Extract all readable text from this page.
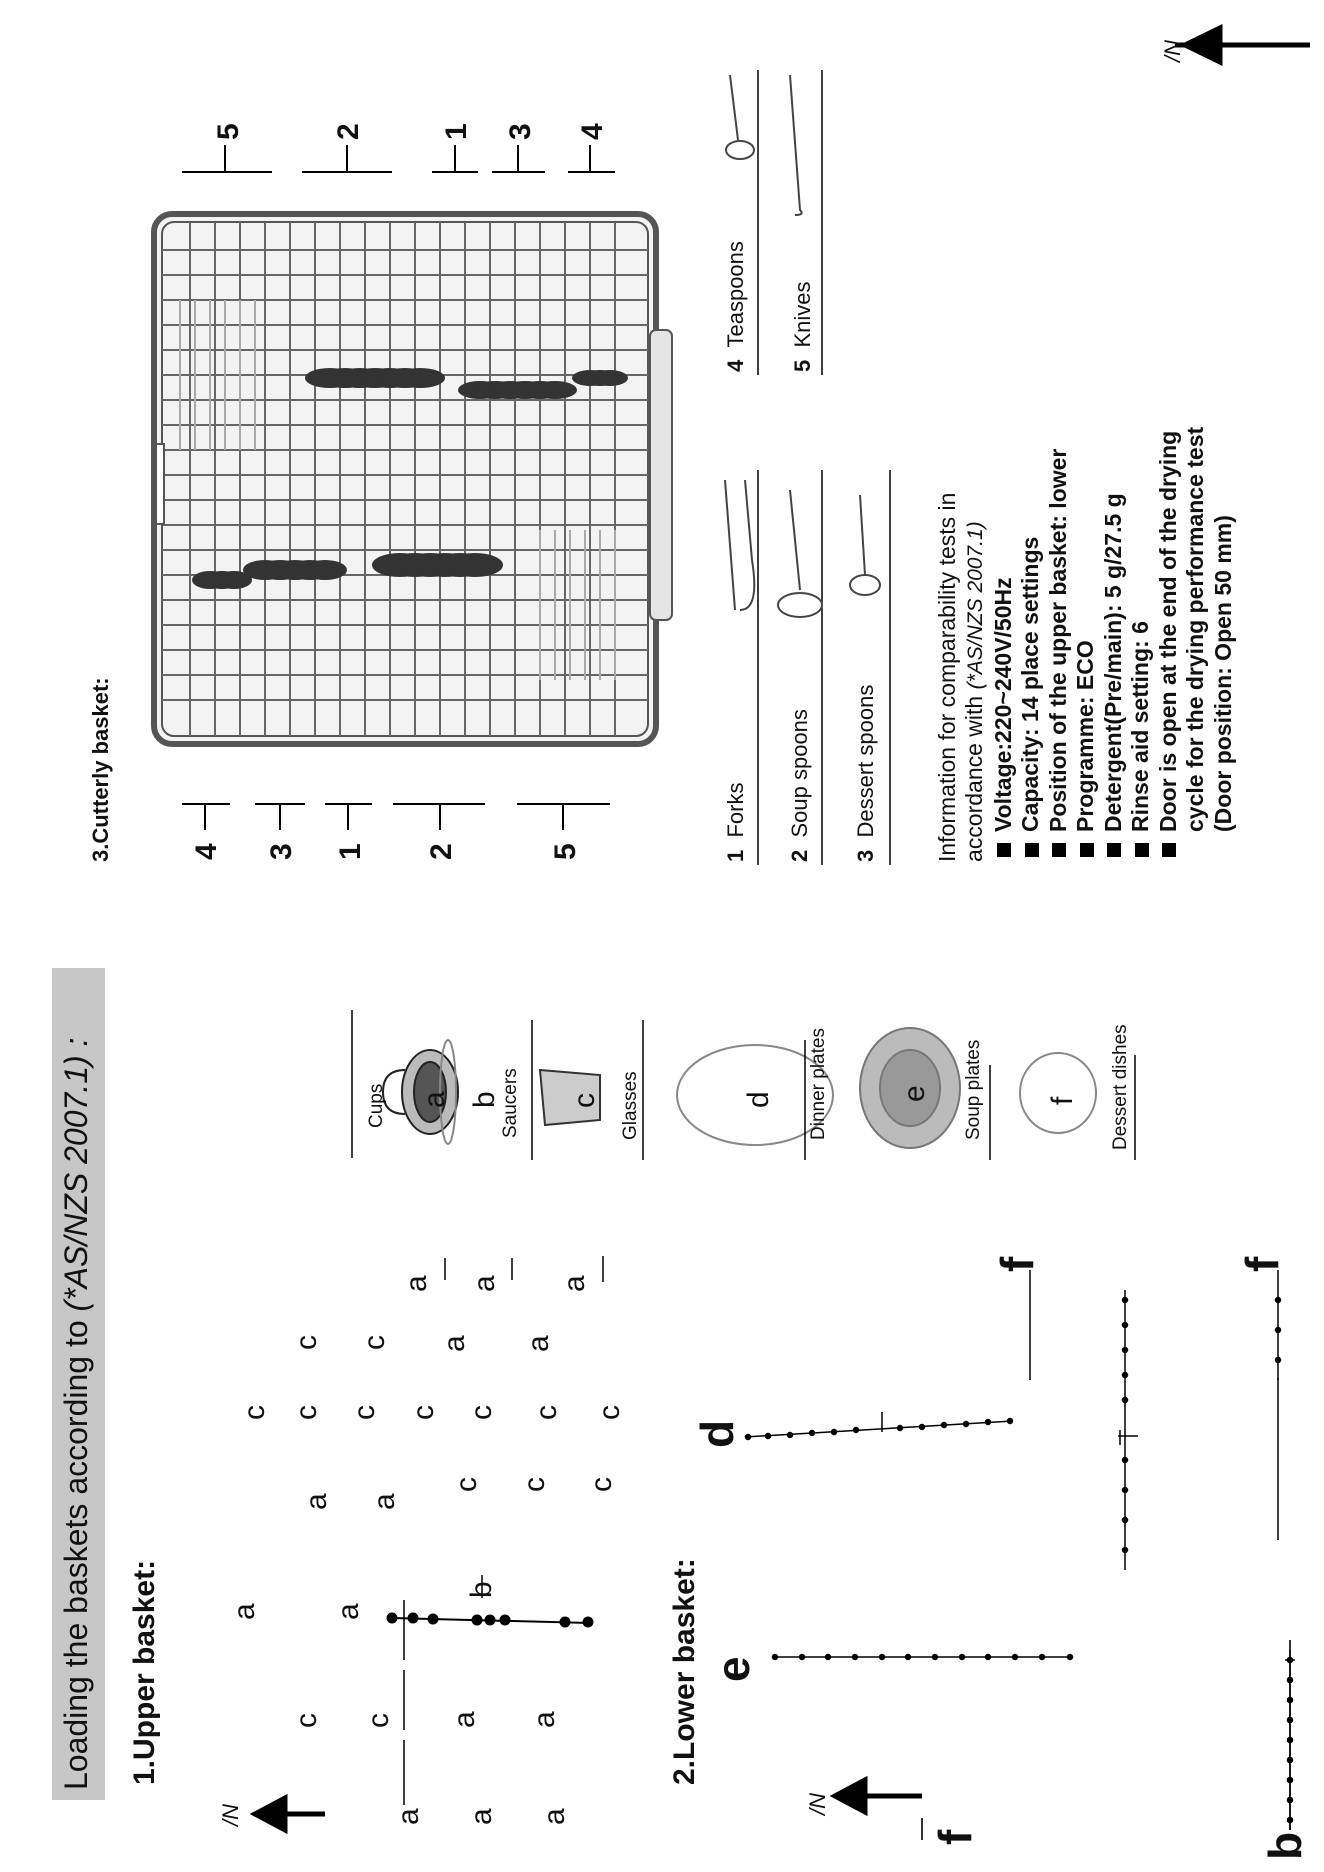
Loading the baskets according to (*AS/NZS 2007.1) :
1.Upper basket:	2.Lower basket:
3.Cutterly basket:
/N	/N
/N
a a a
c c a a
a a
b
a a
c c c
c c c c c c c
c c a a
a a a
e
d
f	f
f	b
Cups a b Saucers c Glasses	d Dinner plates e Soup plates f Dessert dishes
5	2	1 3 4
4 3 1 2	5	1  Forks
2  Soup spoons
3  Dessert spoons
4  Teaspoons
5  Knives
Information for comparability tests in accordance with (*AS/NZS 2007.1) Voltage:220~240V/50Hz Capacity: 14 place settings Position of the upper basket: lower Programme: ECO Detergent(Pre/main): 5 g/27.5 g Rinse aid setting: 6 Door is open at the end of the drying cycle for the drying performance test (Door position: Open 50 mm)
